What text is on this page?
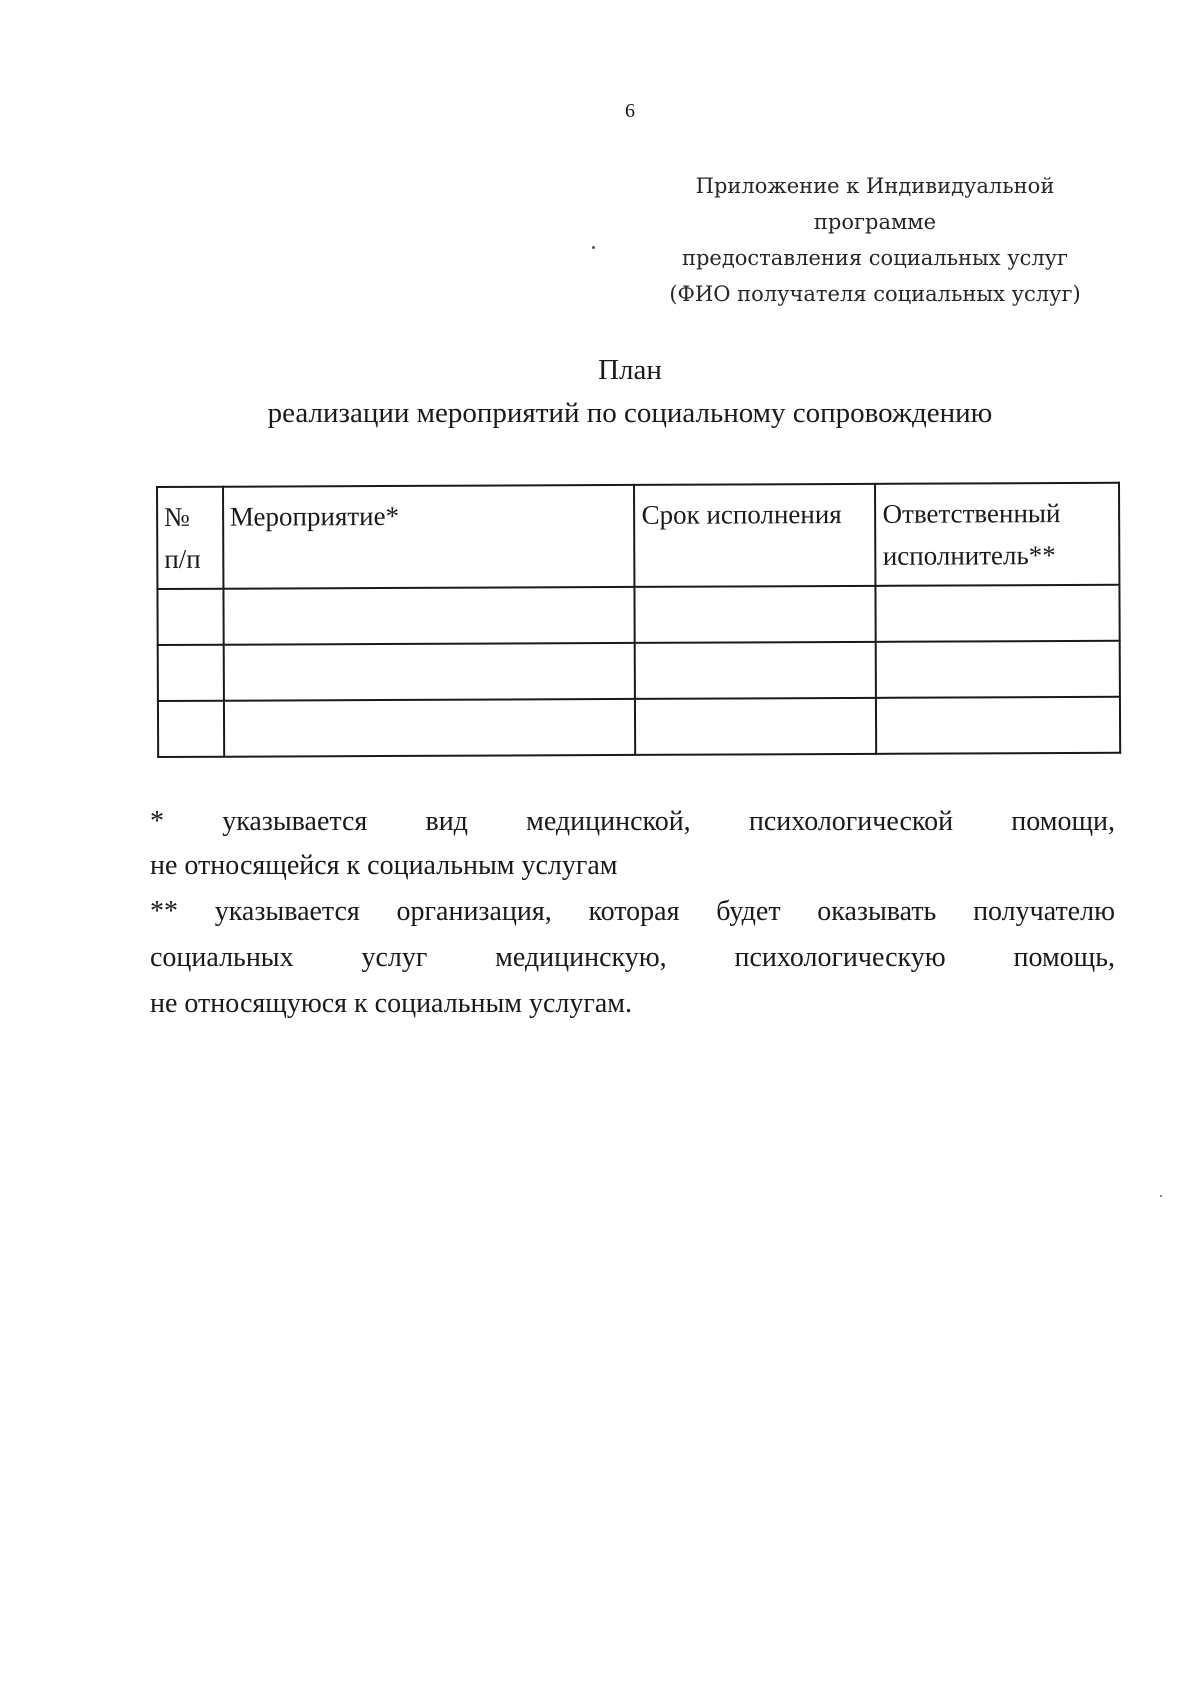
6
Приложение к Индивидуальной программе
предоставления социальных услуг
(ФИО получателя социальных услуг)
План
реализации мероприятий по социальному сопровождению
№ п/п	Мероприятие*	Срок исполнения	Ответственный исполнитель**

* указывается вид медицинской, психологической помощи,
не относящейся к социальным услугам
** указывается организация, которая будет оказывать получателю
социальных услуг медицинскую, психологическую помощь,
не относящуюся к социальным услугам.
